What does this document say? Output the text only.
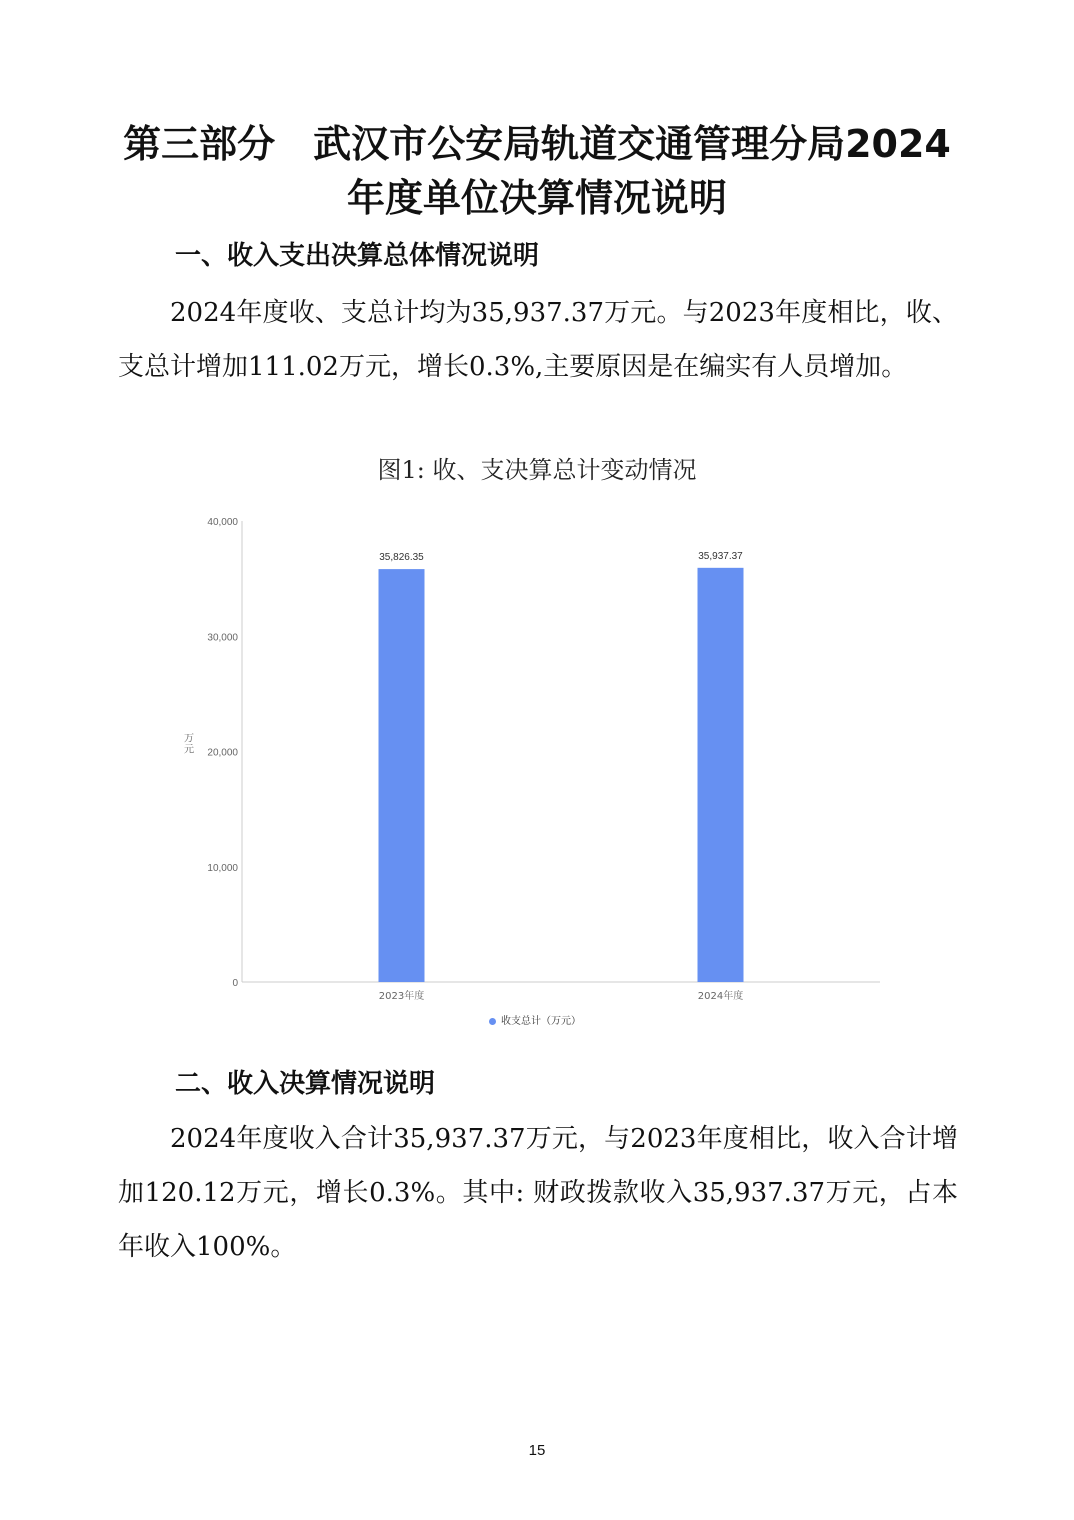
第三部分　武汉市公安局轨道交通管理分局2024
年度单位决算情况说明
一、收入支出决算总体情况说明
2024年度收、支总计均为35,937.37万元。与2023年度相比，收、支总计增加111.02万元，增长0.3%,主要原因是在编实有人员增加。
图1: 收、支决算总计变动情况
0
10,000
20,000
30,000
40,000
万元
35,826.35
2023年度
35,937.37
2024年度
收支总计（万元）
二、收入决算情况说明
2024年度收入合计35,937.37万元，与2023年度相比，收入合计增加120.12万元，增长0.3%。其中: 财政拨款收入35,937.37万元，占本年收入100%。
15
